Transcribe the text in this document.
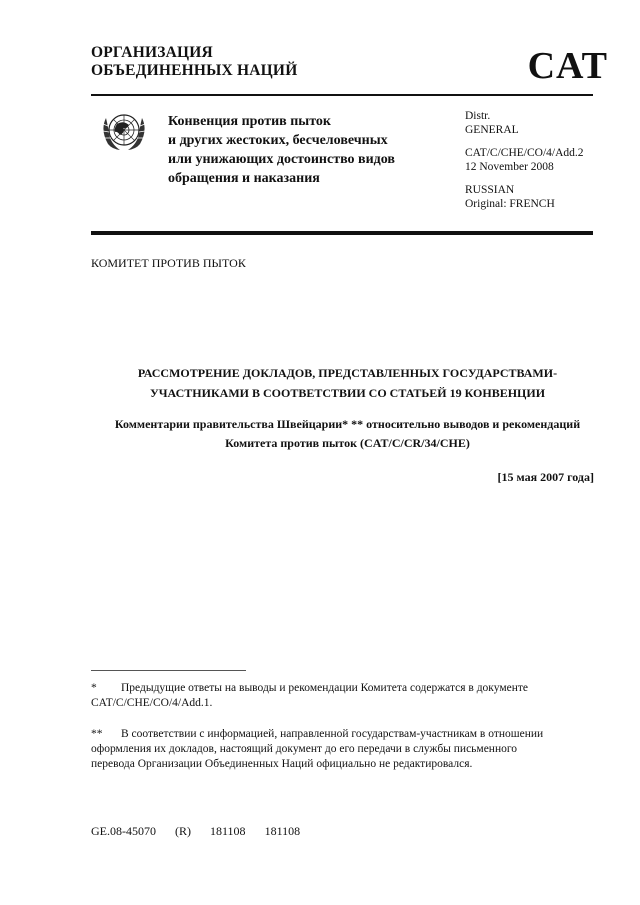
ОРГАНИЗАЦИЯ
ОБЪЕДИНЕННЫХ НАЦИЙ	CAT
Конвенция против пыток
и других жестоких, бесчеловечных
или унижающих достоинство видов
обращения и наказания
Distr.
GENERAL
CAT/C/CHE/CO/4/Add.2
12 November 2008
RUSSIAN
Original: FRENCH
КОМИТЕТ ПРОТИВ ПЫТОК
РАССМОТРЕНИЕ ДОКЛАДОВ, ПРЕДСТАВЛЕННЫХ ГОСУДАРСТВАМИ-
УЧАСТНИКАМИ В СООТВЕТСТВИИ СО СТАТЬЕЙ 19 КОНВЕНЦИИ
Комментарии правительства Швейцарии* ** относительно выводов и рекомендаций
Комитета против пыток (CAT/C/CR/34/CHE)
[15 мая 2007 года]
* Предыдущие ответы на выводы и рекомендации Комитета содержатся в документе CAT/C/CHE/CO/4/Add.1.
** В соответствии с информацией, направленной государствам-участникам в отношении оформления их докладов, настоящий документ до его передачи в службы письменного перевода Организации Объединенных Наций официально не редактировался.
GE.08-45070 (R) 181108 181108
